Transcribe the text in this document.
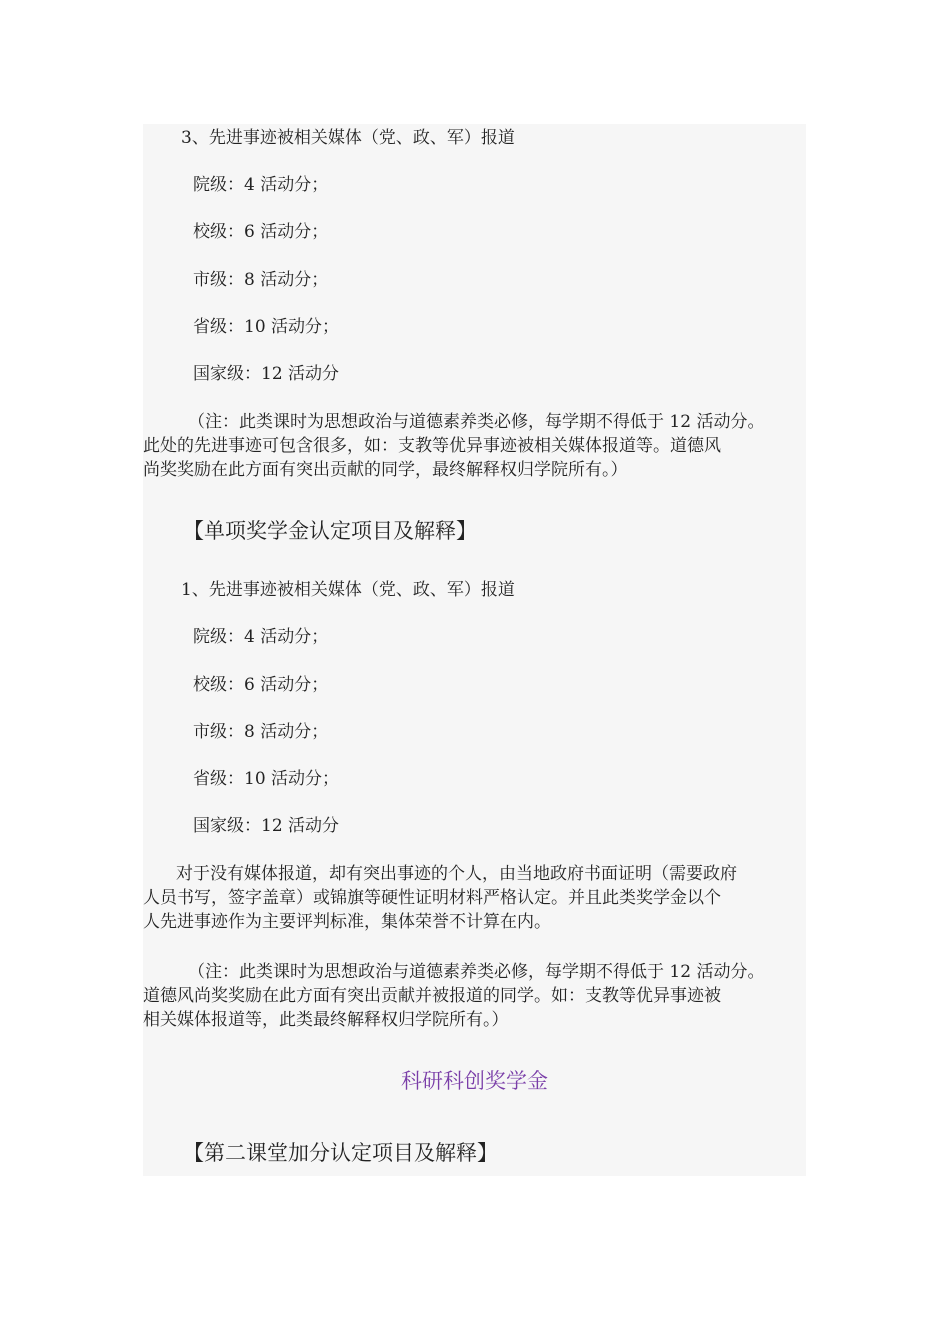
3、先进事迹被相关媒体（党、政、军）报道
院级：4 活动分；
校级：6 活动分；
市级：8 活动分；
省级：10 活动分；
国家级：12 活动分
（注：此类课时为思想政治与道德素养类必修，每学期不得低于 12 活动分。
此处的先进事迹可包含很多，如：支教等优异事迹被相关媒体报道等。道德风
尚奖奖励在此方面有突出贡献的同学，最终解释权归学院所有。）
【单项奖学金认定项目及解释】
1、先进事迹被相关媒体（党、政、军）报道
院级：4 活动分；
校级：6 活动分；
市级：8 活动分；
省级：10 活动分；
国家级：12 活动分
对于没有媒体报道，却有突出事迹的个人，由当地政府书面证明（需要政府
人员书写，签字盖章）或锦旗等硬性证明材料严格认定。并且此类奖学金以个
人先进事迹作为主要评判标准，集体荣誉不计算在内。
（注：此类课时为思想政治与道德素养类必修，每学期不得低于 12 活动分。
道德风尚奖奖励在此方面有突出贡献并被报道的同学。如：支教等优异事迹被
相关媒体报道等，此类最终解释权归学院所有。）
科研科创奖学金
【第二课堂加分认定项目及解释】
